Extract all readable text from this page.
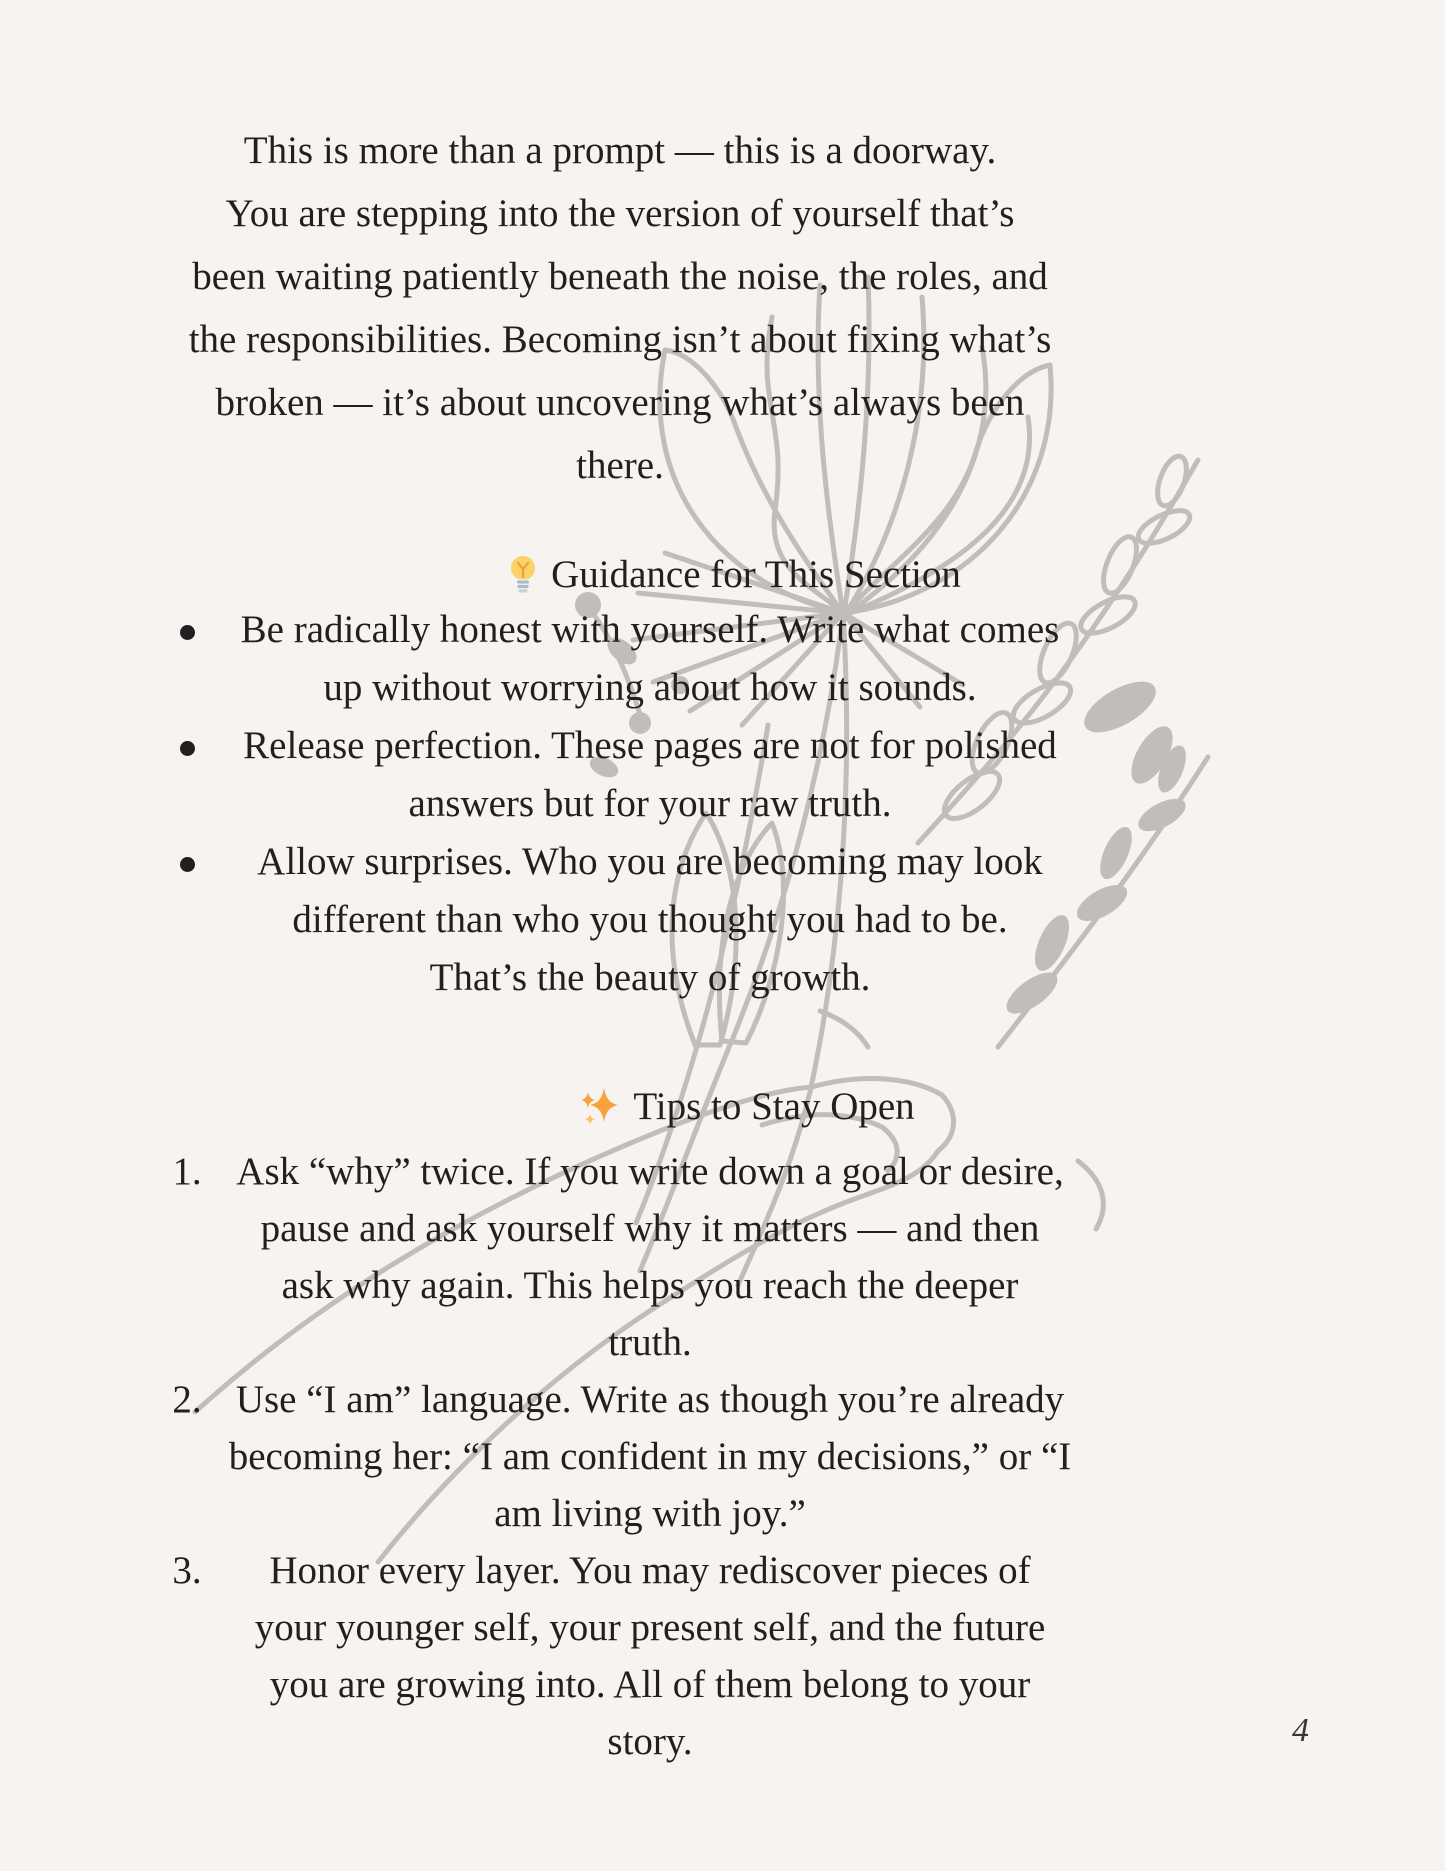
This is more than a prompt — this is a doorway.
You are stepping into the version of yourself that’s
been waiting patiently beneath the noise, the roles, and
the responsibilities. Becoming isn’t about fixing what’s
broken — it’s about uncovering what’s always been
there.
Guidance for This Section
Be radically honest with yourself. Write what comes
up without worrying about how it sounds.
Release perfection. These pages are not for polished
answers but for your raw truth.
Allow surprises. Who you are becoming may look
different than who you thought you had to be.
That’s the beauty of growth.
Tips to Stay Open
1. Ask “why” twice. If you write down a goal or desire,
pause and ask yourself why it matters — and then
ask why again. This helps you reach the deeper
truth.
2. Use “I am” language. Write as though you’re already
becoming her: “I am confident in my decisions,” or “I
am living with joy.”
3.	Honor every layer. You may rediscover pieces of
your younger self, your present self, and the future
you are growing into. All of them belong to your
story.	4
